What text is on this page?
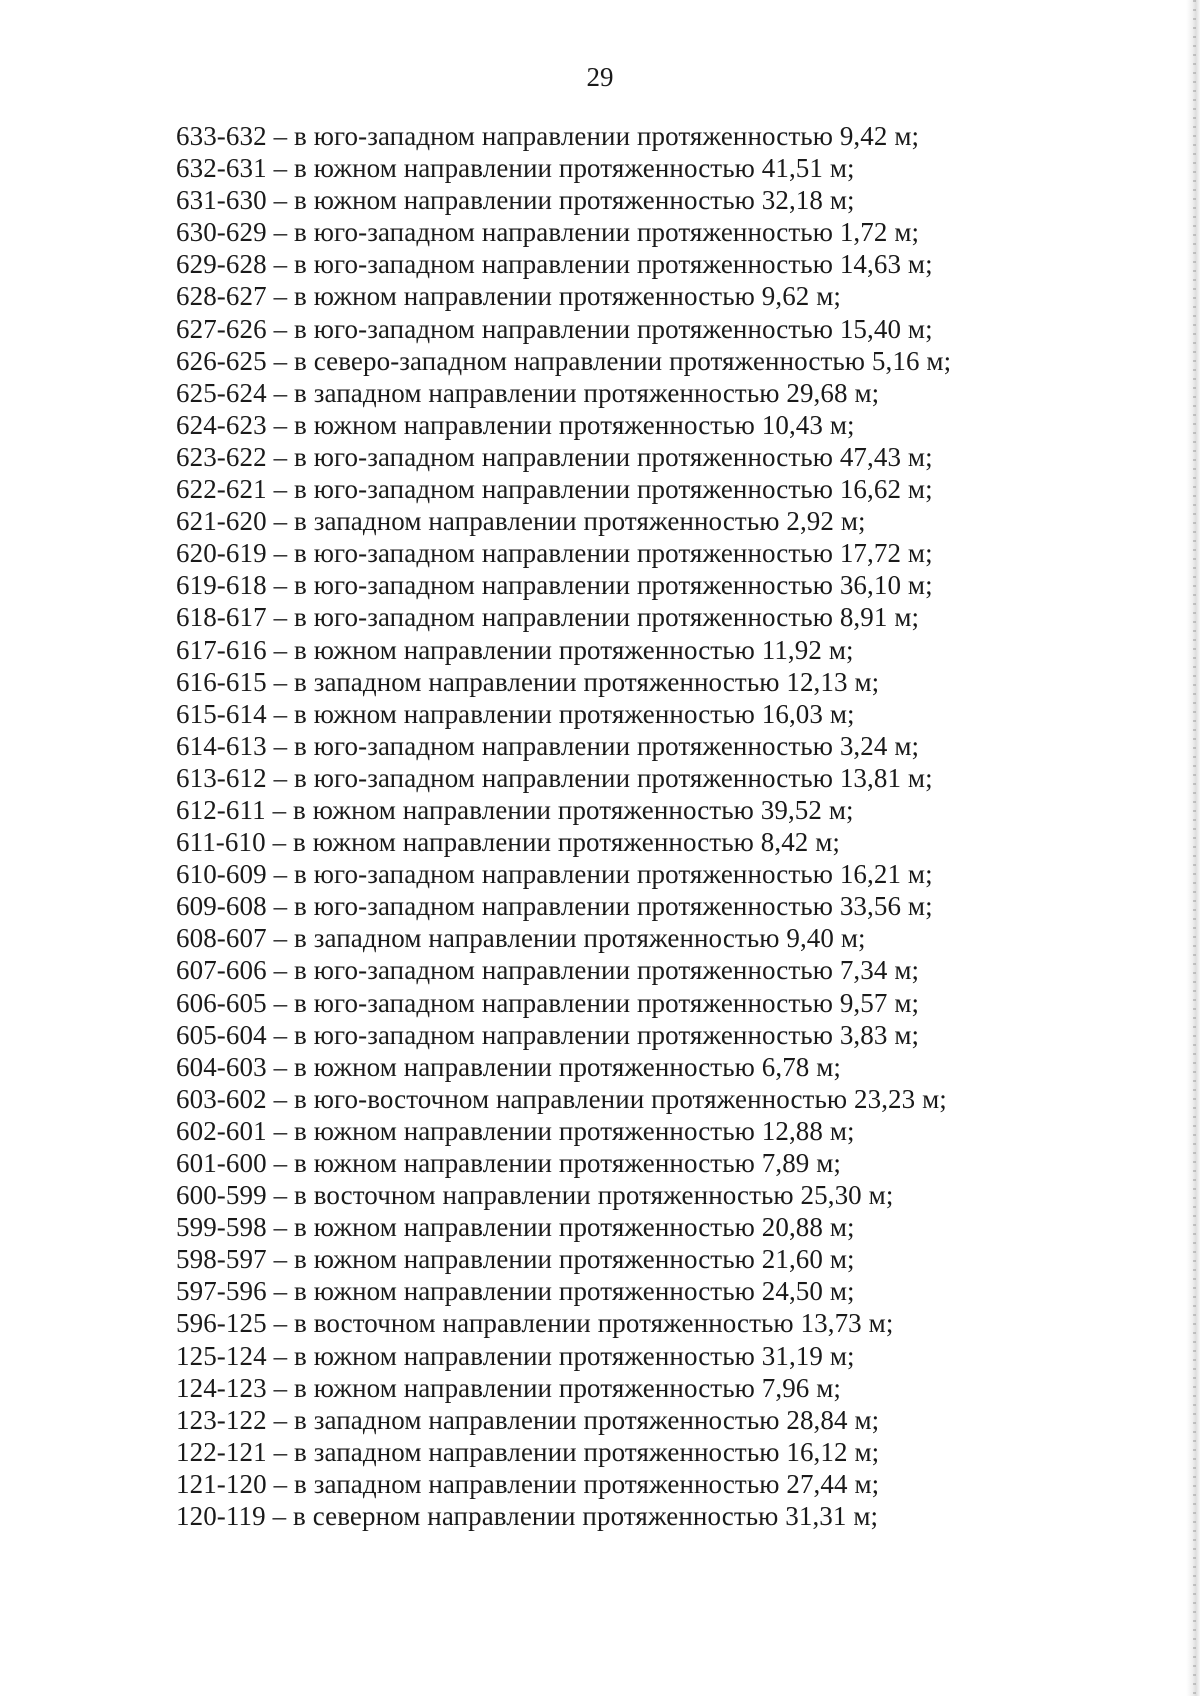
29
633-632 – в юго-западном направлении протяженностью 9,42 м;
632-631 – в южном направлении протяженностью 41,51 м;
631-630 – в южном направлении протяженностью 32,18 м;
630-629 – в юго-западном направлении протяженностью 1,72 м;
629-628 – в юго-западном направлении протяженностью 14,63 м;
628-627 – в южном направлении протяженностью 9,62 м;
627-626 – в юго-западном направлении протяженностью 15,40 м;
626-625 – в северо-западном направлении протяженностью 5,16 м;
625-624 – в западном направлении протяженностью 29,68 м;
624-623 – в южном направлении протяженностью 10,43 м;
623-622 – в юго-западном направлении протяженностью 47,43 м;
622-621 – в юго-западном направлении протяженностью 16,62 м;
621-620 – в западном направлении протяженностью 2,92 м;
620-619 – в юго-западном направлении протяженностью 17,72 м;
619-618 – в юго-западном направлении протяженностью 36,10 м;
618-617 – в юго-западном направлении протяженностью 8,91 м;
617-616 – в южном направлении протяженностью 11,92 м;
616-615 – в западном направлении протяженностью 12,13 м;
615-614 – в южном направлении протяженностью 16,03 м;
614-613 – в юго-западном направлении протяженностью 3,24 м;
613-612 – в юго-западном направлении протяженностью 13,81 м;
612-611 – в южном направлении протяженностью 39,52 м;
611-610 – в южном направлении протяженностью 8,42 м;
610-609 – в юго-западном направлении протяженностью 16,21 м;
609-608 – в юго-западном направлении протяженностью 33,56 м;
608-607 – в западном направлении протяженностью 9,40 м;
607-606 – в юго-западном направлении протяженностью 7,34 м;
606-605 – в юго-западном направлении протяженностью 9,57 м;
605-604 – в юго-западном направлении протяженностью 3,83 м;
604-603 – в южном направлении протяженностью 6,78 м;
603-602 – в юго-восточном направлении протяженностью 23,23 м;
602-601 – в южном направлении протяженностью 12,88 м;
601-600 – в южном направлении протяженностью 7,89 м;
600-599 – в восточном направлении протяженностью 25,30 м;
599-598 – в южном направлении протяженностью 20,88 м;
598-597 – в южном направлении протяженностью 21,60 м;
597-596 – в южном направлении протяженностью 24,50 м;
596-125 – в восточном направлении протяженностью 13,73 м;
125-124 – в южном направлении протяженностью 31,19 м;
124-123 – в южном направлении протяженностью 7,96 м;
123-122 – в западном направлении протяженностью 28,84 м;
122-121 – в западном направлении протяженностью 16,12 м;
121-120 – в западном направлении протяженностью 27,44 м;
120-119 – в северном направлении протяженностью 31,31 м;
